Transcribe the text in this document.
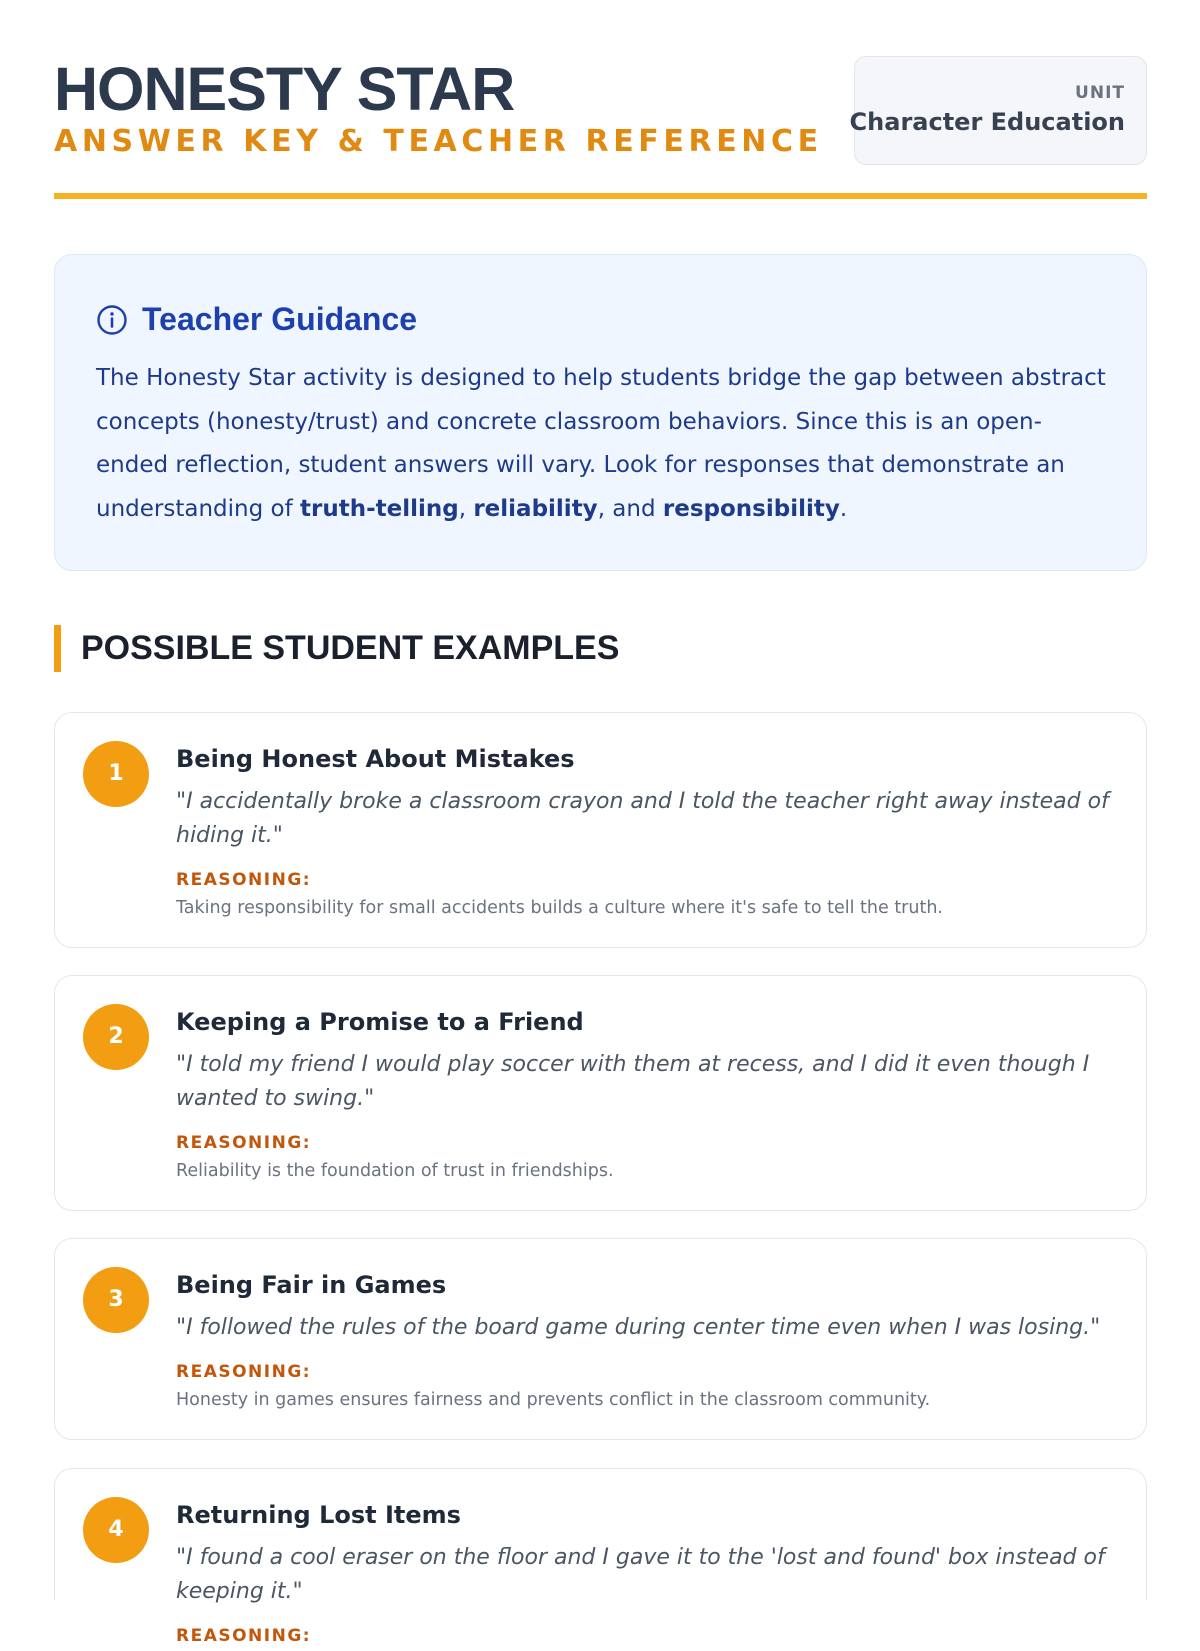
HONESTY STAR
ANSWER KEY & TEACHER REFERENCE
UNIT
Character Education
Teacher Guidance

The Honesty Star activity is designed to help students bridge the gap between abstract concepts (honesty/trust) and concrete classroom behaviors. Since this is an open-ended reflection, student answers will vary. Look for responses that demonstrate an understanding of truth-telling, reliability, and responsibility.

POSSIBLE STUDENT EXAMPLES
1
Being Honest About Mistakes
"I accidentally broke a classroom crayon and I told the teacher right away instead of hiding it."
REASONING:
Taking responsibility for small accidents builds a culture where it's safe to tell the truth.
2
Keeping a Promise to a Friend
"I told my friend I would play soccer with them at recess, and I did it even though I wanted to swing."
REASONING:
Reliability is the foundation of trust in friendships.
3
Being Fair in Games
"I followed the rules of the board game during center time even when I was losing."
REASONING:
Honesty in games ensures fairness and prevents conflict in the classroom community.
4
Returning Lost Items
"I found a cool eraser on the floor and I gave it to the 'lost and found' box instead of keeping it."
REASONING:
